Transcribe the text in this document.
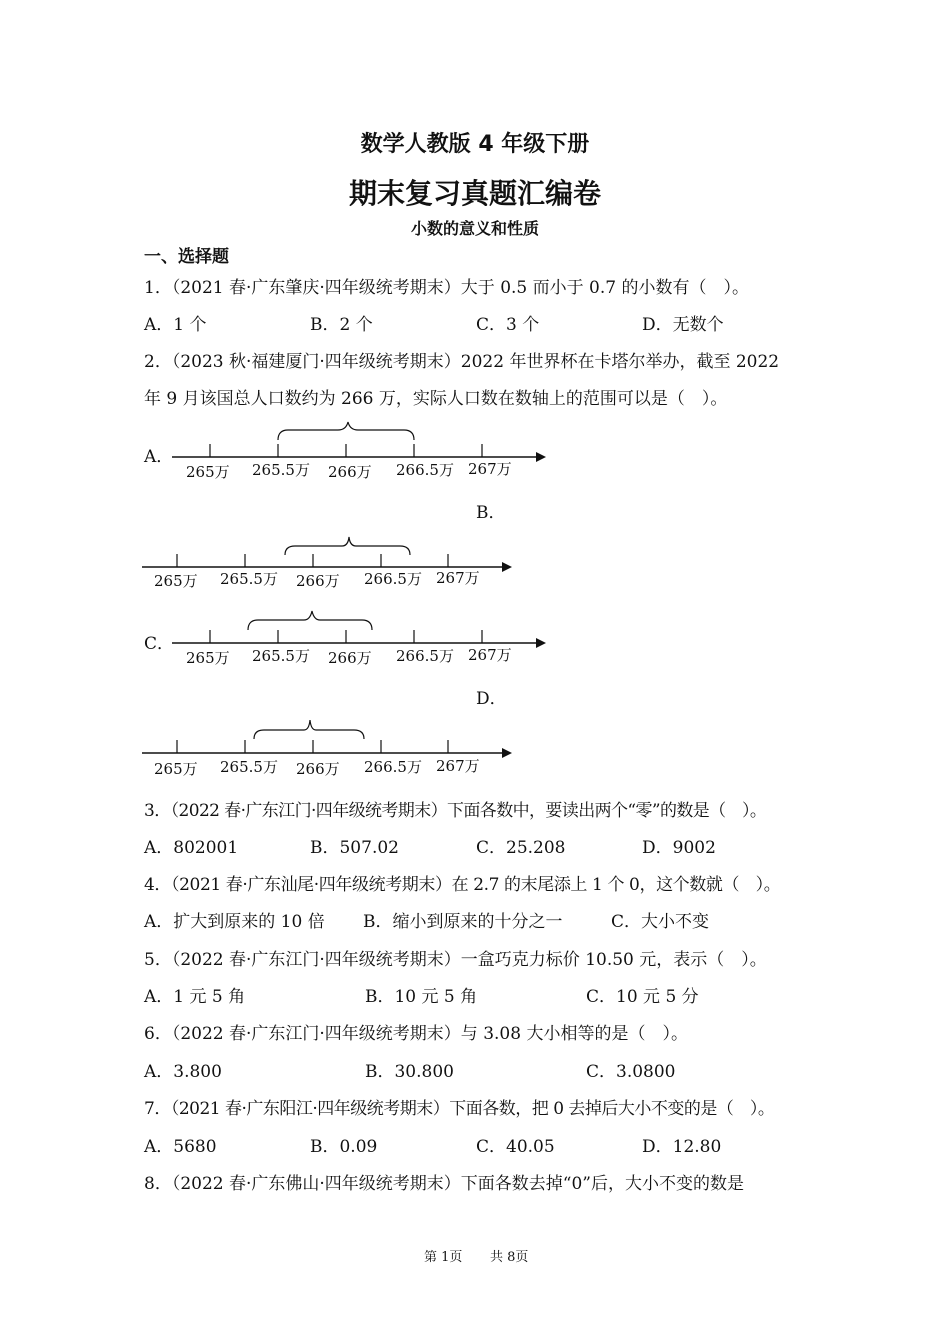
数学人教版 4 年级下册
期末复习真题汇编卷
小数的意义和性质
一、选择题
1．（2021 春·广东肇庆·四年级统考期末）大于 0.5 而小于 0.7 的小数有（　）。
A．1 个	B．2 个	C．3 个	D．无数个
2．（2023 秋·福建厦门·四年级统考期末）2022 年世界杯在卡塔尔举办，截至 2022
年 9 月该国总人口数约为 266 万，实际人口数在数轴上的范围可以是（　）。
A．
265万 265.5万 266万 266.5万 267万
B．
265万 265.5万 266万 266.5万 267万
C．
265万 265.5万 266万 266.5万 267万
D．
265万 265.5万 266万 266.5万 267万
3．（2022 春·广东江门·四年级统考期末）下面各数中，要读出两个“零”的数是（　）。
A．802001	B．507.02	C．25.208	D．9002
4．（2021 春·广东汕尾·四年级统考期末）在 2.7 的末尾添上 1 个 0，这个数就（　）。
A．扩大到原来的 10 倍 B．缩小到原来的十分之一	C．大小不变
5．（2022 春·广东江门·四年级统考期末）一盒巧克力标价 10.50 元，表示（　）。
A．1 元 5 角	B．10 元 5 角	C．10 元 5 分
6．（2022 春·广东江门·四年级统考期末）与 3.08 大小相等的是（　）。
A．3.800	B．30.800	C．3.0800
7．（2021 春·广东阳江·四年级统考期末）下面各数，把 0 去掉后大小不变的是（　）。
A．5680	B．0.09	C．40.05	D．12.80
8．（2022 春·广东佛山·四年级统考期末）下面各数去掉“0”后，大小不变的数是
第 1页 共 8页
